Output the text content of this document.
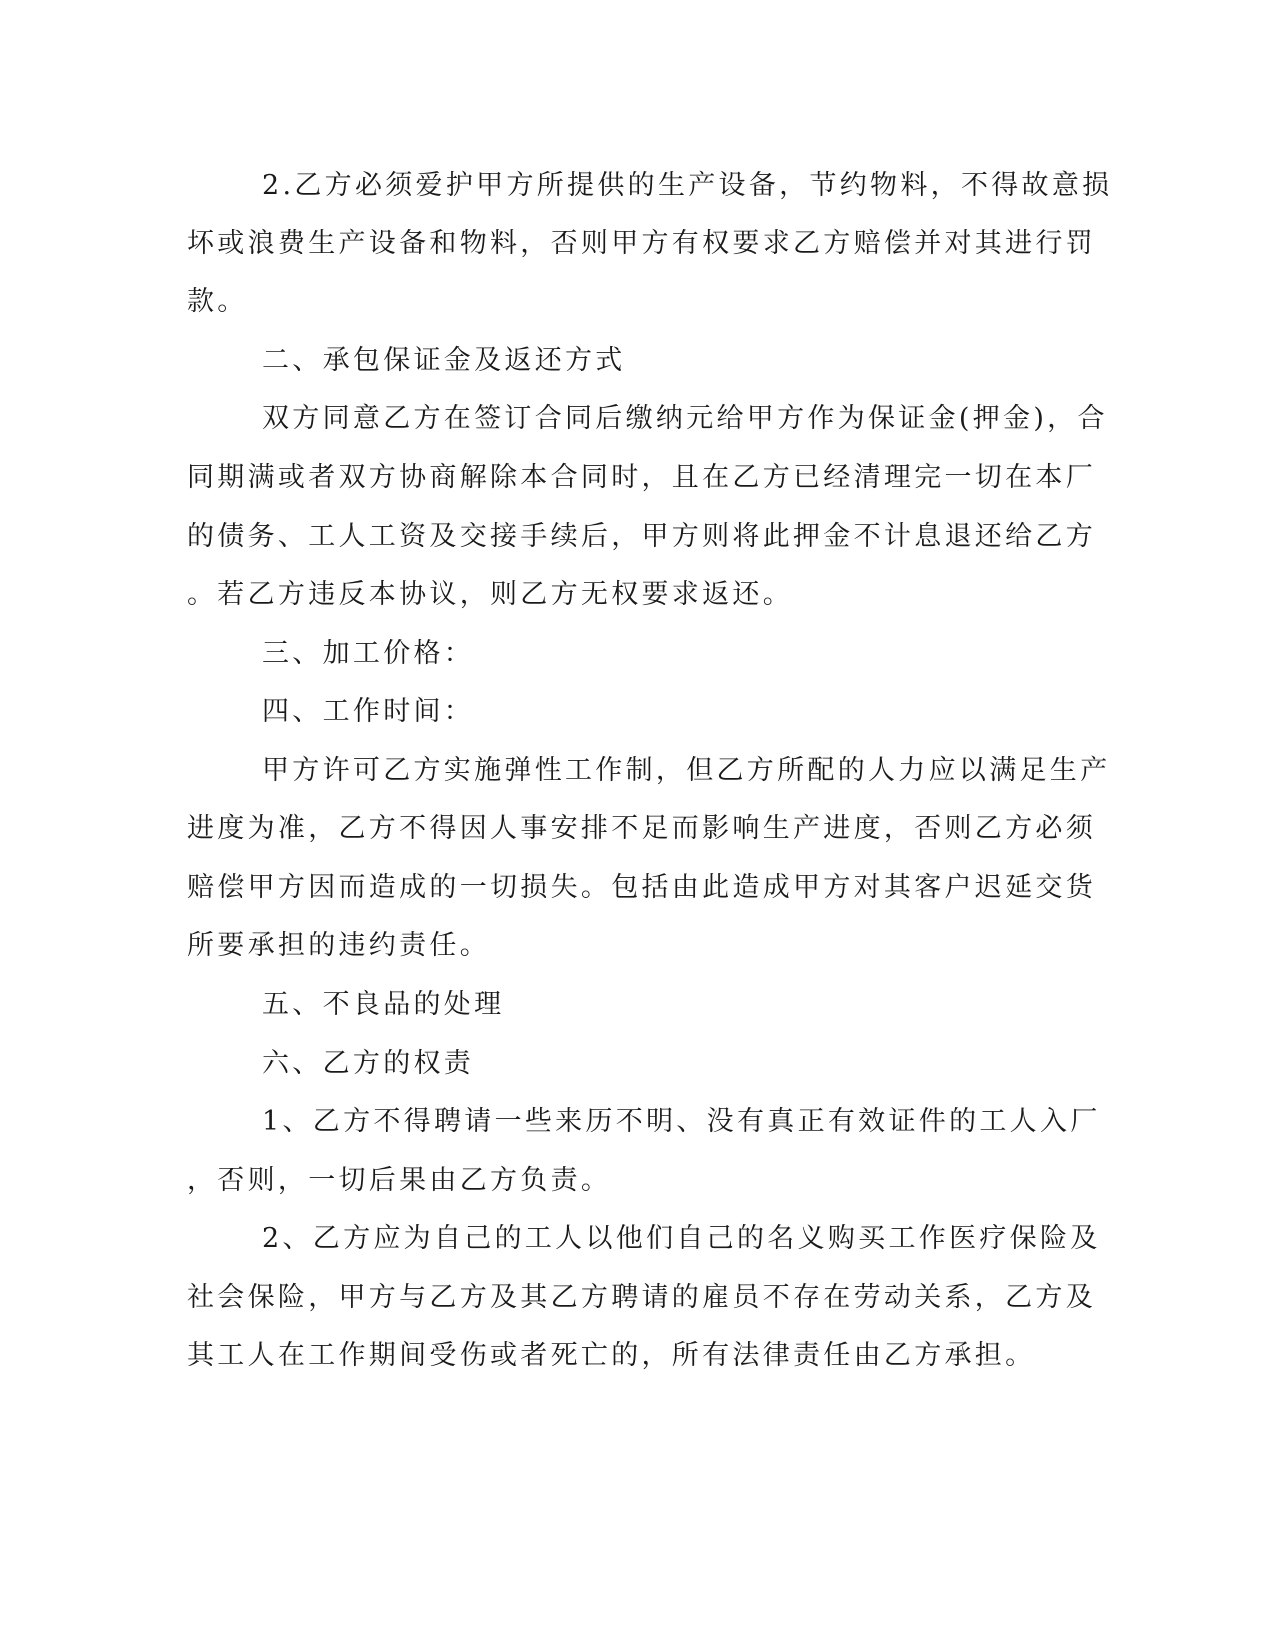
2.乙方必须爱护甲方所提供的生产设备，节约物料，不得故意损
坏或浪费生产设备和物料，否则甲方有权要求乙方赔偿并对其进行罚
款。
二、承包保证金及返还方式
双方同意乙方在签订合同后缴纳元给甲方作为保证金(押金)，合
同期满或者双方协商解除本合同时，且在乙方已经清理完一切在本厂
的债务、工人工资及交接手续后，甲方则将此押金不计息退还给乙方
。若乙方违反本协议，则乙方无权要求返还。
三、加工价格：
四、工作时间：
甲方许可乙方实施弹性工作制，但乙方所配的人力应以满足生产
进度为准，乙方不得因人事安排不足而影响生产进度，否则乙方必须
赔偿甲方因而造成的一切损失。包括由此造成甲方对其客户迟延交货
所要承担的违约责任。
五、不良品的处理
六、乙方的权责
1、乙方不得聘请一些来历不明、没有真正有效证件的工人入厂
，否则，一切后果由乙方负责。
2、乙方应为自己的工人以他们自己的名义购买工作医疗保险及
社会保险，甲方与乙方及其乙方聘请的雇员不存在劳动关系，乙方及
其工人在工作期间受伤或者死亡的，所有法律责任由乙方承担。
